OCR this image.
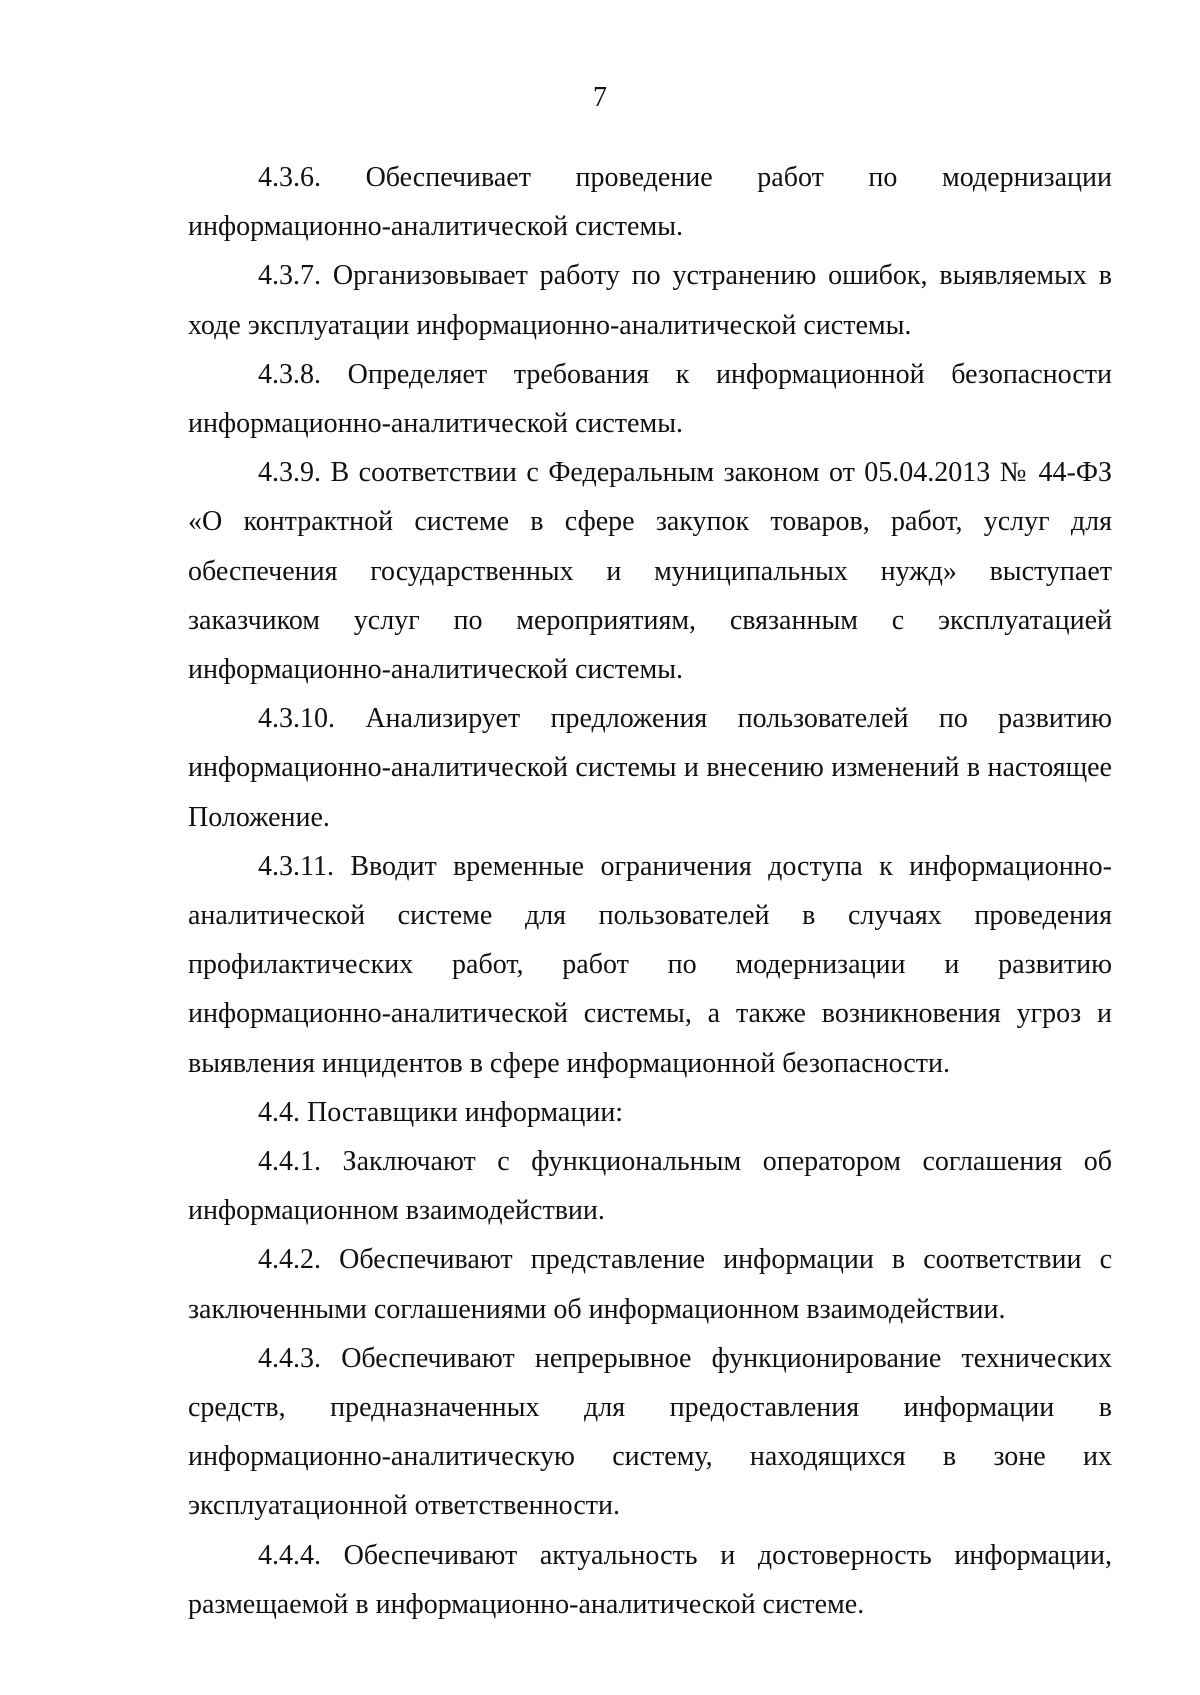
7

4.3.6. Обеспечивает проведение работ по модернизации информационно-аналитической системы.

4.3.7. Организовывает работу по устранению ошибок, выявляемых в ходе эксплуатации информационно-аналитической системы.

4.3.8. Определяет требования к информационной безопасности информационно-аналитической системы.

4.3.9. В соответствии с Федеральным законом от 05.04.2013 № 44-ФЗ «О контрактной системе в сфере закупок товаров, работ, услуг для обеспечения государственных и муниципальных нужд» выступает заказчиком услуг по мероприятиям, связанным с эксплуатацией информационно-аналитической системы.

4.3.10. Анализирует предложения пользователей по развитию информационно-аналитической системы и внесению изменений в настоящее Положение.

4.3.11. Вводит временные ограничения доступа к информационно-аналитической системе для пользователей в случаях проведения профилактических работ, работ по модернизации и развитию информационно-аналитической системы, а также возникновения угроз и выявления инцидентов в сфере информационной безопасности.

4.4. Поставщики информации:

4.4.1. Заключают с функциональным оператором соглашения об информационном взаимодействии.

4.4.2. Обеспечивают представление информации в соответствии с заключенными соглашениями об информационном взаимодействии.

4.4.3. Обеспечивают непрерывное функционирование технических средств, предназначенных для предоставления информации в информационно-аналитическую систему, находящихся в зоне их эксплуатационной ответственности.

4.4.4. Обеспечивают актуальность и достоверность информации, размещаемой в информационно-аналитической системе.
